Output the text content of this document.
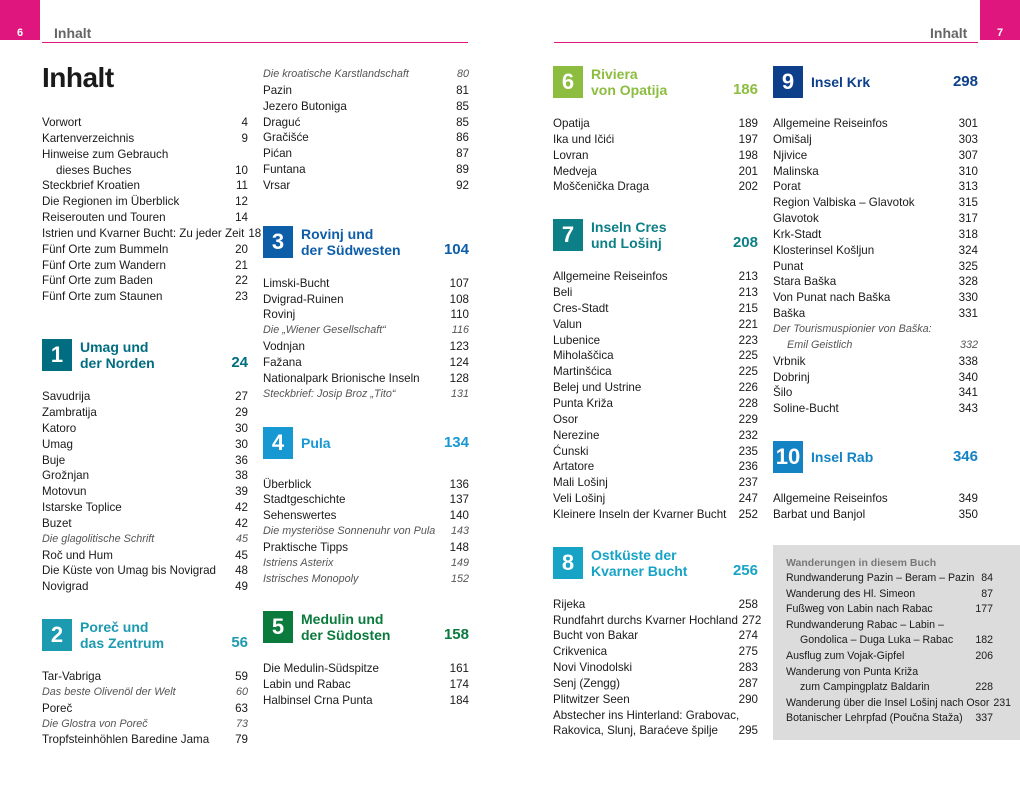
6	7
Inhalt	Inhalt
Inhalt
Vorwort	4
Kartenverzeichnis	9
Hinweise zum Gebrauch
dieses Buches	10
Steckbrief Kroatien	11
Die Regionen im Überblick	12
Reiserouten und Touren	14
Istrien und Kvarner Bucht: Zu jeder Zeit 18
Fünf Orte zum Bummeln	20
Fünf Orte zum Wandern	21
Fünf Orte zum Baden	22
Fünf Orte zum Staunen	23
1	Umag und
der Norden	24
Savudrija	27
Zambratija	29
Katoro	30
Umag	30
Buje	36
Grožnjan	38
Motovun	39
Istarske Toplice	42
Buzet	42
Die glagolitische Schrift	45
Roč und Hum	45
Die Küste von Umag bis Novigrad	48
Novigrad	49
2	Poreč und
das Zentrum	56
Tar-Vabriga	59
Das beste Olivenöl der Welt	60
Poreč	63
Die Glostra von Poreč	73
Tropfsteinhöhlen Baredine Jama	79
Die kroatische Karstlandschaft	80
Pazin	81
Jezero Butoniga	85
Draguć	85
Gračišće	86
Pićan	87
Funtana	89
Vrsar	92
3	Rovinj und
der Südwesten	104
Limski-Bucht	107
Dvigrad-Ruinen	108
Rovinj	110
Die „Wiener Gesellschaft“	116
Vodnjan	123
Fažana	124
Nationalpark Brionische Inseln	128
Steckbrief: Josip Broz „Tito“	131
4	Pula	134
Überblick	136
Stadtgeschichte	137
Sehenswertes	140
Die mysteriöse Sonnenuhr von Pula	143
Praktische Tipps	148
Istriens Asterix	149
Istrisches Monopoly	152
5	Medulin und
der Südosten	158
Die Medulin-Südspitze	161
Labin und Rabac	174
Halbinsel Crna Punta	184
6	Riviera
von Opatija	186
Opatija	189
Ika und Ičići	197
Lovran	198
Medveja	201
Moščenička Draga	202
7	Inseln Cres
und Lošinj	208
Allgemeine Reiseinfos	213
Beli	213
Cres-Stadt	215
Valun	221
Lubenice	223
Miholaščica	225
Martinšćica	225
Belej und Ustrine	226
Punta Križa	228
Osor	229
Nerezine	232
Ćunski	235
Artatore	236
Mali Lošinj	237
Veli Lošinj	247
Kleinere Inseln der Kvarner Bucht	252
8	Ostküste der
Kvarner Bucht	256
Rijeka	258
Rundfahrt durchs Kvarner Hochland 272
Bucht von Bakar	274
Crikvenica	275
Novi Vinodolski	283
Senj (Zengg)	287
Plitwitzer Seen	290
Abstecher ins Hinterland: Grabovac,
Rakovica, Slunj, Baraćeve špilje	295
9	Insel Krk	298
Allgemeine Reiseinfos	301
Omišalj	303
Njivice	307
Malinska	310
Porat	313
Region Valbiska – Glavotok	315
Glavotok	317
Krk-Stadt	318
Klosterinsel Košljun	324
Punat	325
Stara Baška	328
Von Punat nach Baška	330
Baška	331
Der Tourismuspionier von Baška:
Emil Geistlich	332
Vrbnik	338
Dobrinj	340
Šilo	341
Soline-Bucht	343
10 Insel Rab	346
Allgemeine Reiseinfos	349
Barbat und Banjol	350
Wanderungen in diesem Buch
Rundwanderung Pazin – Beram – Pazin 84
Wanderung des Hl. Simeon	87
Fußweg von Labin nach Rabac	177
Rundwanderung Rabac – Labin –
Gondolica – Duga Luka – Rabac	182
Ausflug zum Vojak-Gipfel	206
Wanderung von Punta Križa
zum Campingplatz Baldarin	228
Wanderung über die Insel Lošinj nach Osor 231
Botanischer Lehrpfad (Poučna Staža)	337
